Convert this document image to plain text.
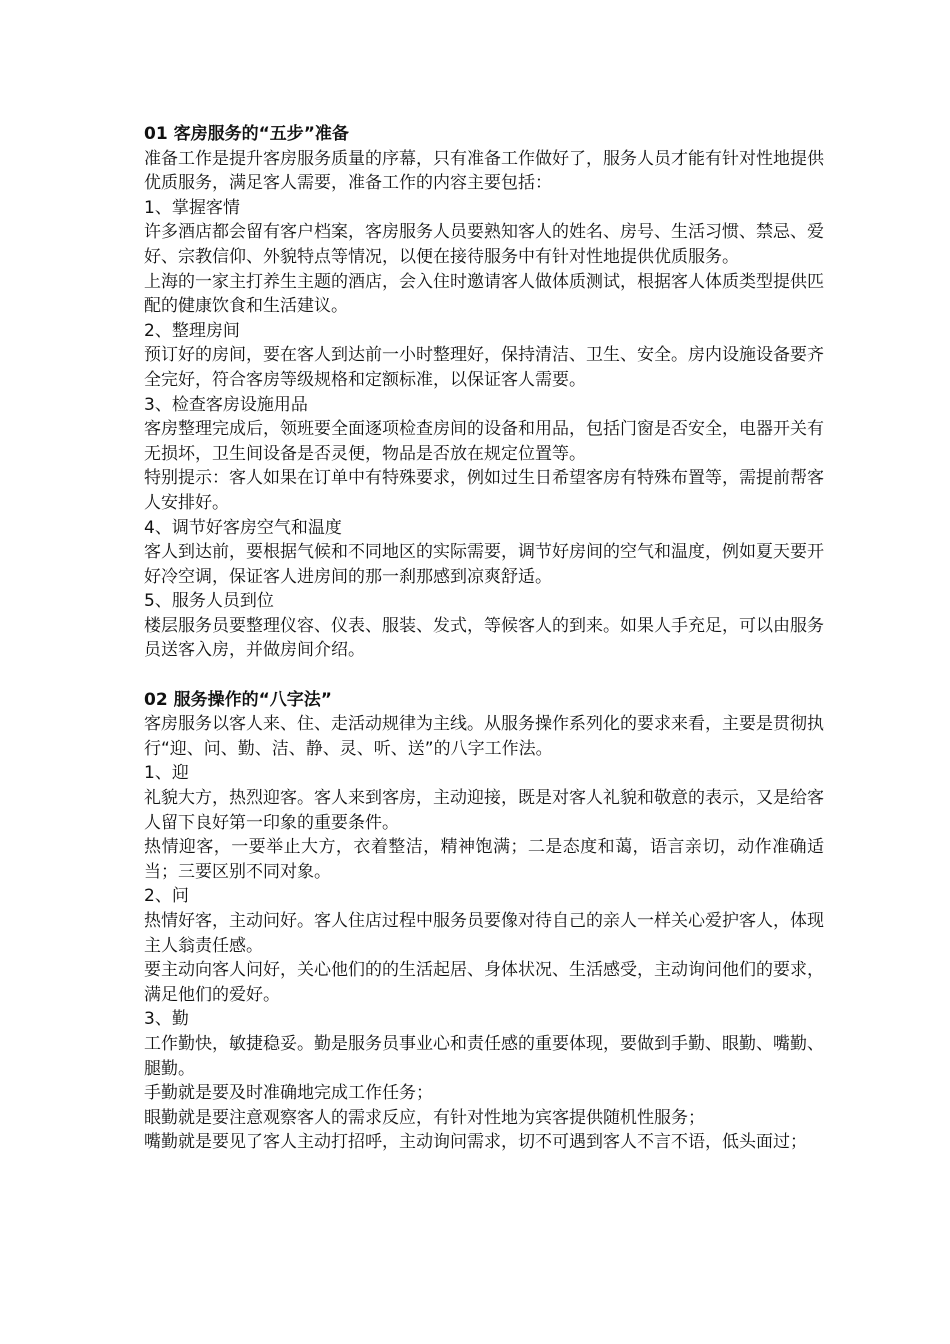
01 客房服务的“五步”准备

准备工作是提升客房服务质量的序幕，只有准备工作做好了，服务人员才能有针对性地提供优质服务，满足客人需要，准备工作的内容主要包括：

1、掌握客情

许多酒店都会留有客户档案，客房服务人员要熟知客人的姓名、房号、生活习惯、禁忌、爱好、宗教信仰、外貌特点等情况，以便在接待服务中有针对性地提供优质服务。

上海的一家主打养生主题的酒店，会入住时邀请客人做体质测试，根据客人体质类型提供匹配的健康饮食和生活建议。

2、整理房间

预订好的房间，要在客人到达前一小时整理好，保持清洁、卫生、安全。房内设施设备要齐全完好，符合客房等级规格和定额标准，以保证客人需要。

3、检查客房设施用品

客房整理完成后，领班要全面逐项检查房间的设备和用品，包括门窗是否安全，电器开关有无损坏，卫生间设备是否灵便，物品是否放在规定位置等。

特别提示：客人如果在订单中有特殊要求，例如过生日希望客房有特殊布置等，需提前帮客人安排好。

4、调节好客房空气和温度

客人到达前，要根据气候和不同地区的实际需要，调节好房间的空气和温度，例如夏天要开好冷空调，保证客人进房间的那一刹那感到凉爽舒适。

5、服务人员到位

楼层服务员要整理仪容、仪表、服装、发式，等候客人的到来。如果人手充足，可以由服务员送客入房，并做房间介绍。

02 服务操作的“八字法”

客房服务以客人来、住、走活动规律为主线。从服务操作系列化的要求来看，主要是贯彻执行“迎、问、勤、洁、静、灵、听、送”的八字工作法。

1、迎

礼貌大方，热烈迎客。客人来到客房，主动迎接，既是对客人礼貌和敬意的表示，又是给客人留下良好第一印象的重要条件。

热情迎客，一要举止大方，衣着整洁，精神饱满；二是态度和蔼，语言亲切，动作准确适当；三要区别不同对象。

2、问

热情好客，主动问好。客人住店过程中服务员要像对待自己的亲人一样关心爱护客人，体现主人翁责任感。

要主动向客人问好，关心他们的的生活起居、身体状况、生活感受，主动询问他们的要求，满足他们的爱好。

3、勤

工作勤快，敏捷稳妥。勤是服务员事业心和责任感的重要体现，要做到手勤、眼勤、嘴勤、腿勤。

手勤就是要及时准确地完成工作任务；

眼勤就是要注意观察客人的需求反应，有针对性地为宾客提供随机性服务；

嘴勤就是要见了客人主动打招呼，主动询问需求，切不可遇到客人不言不语，低头面过；
